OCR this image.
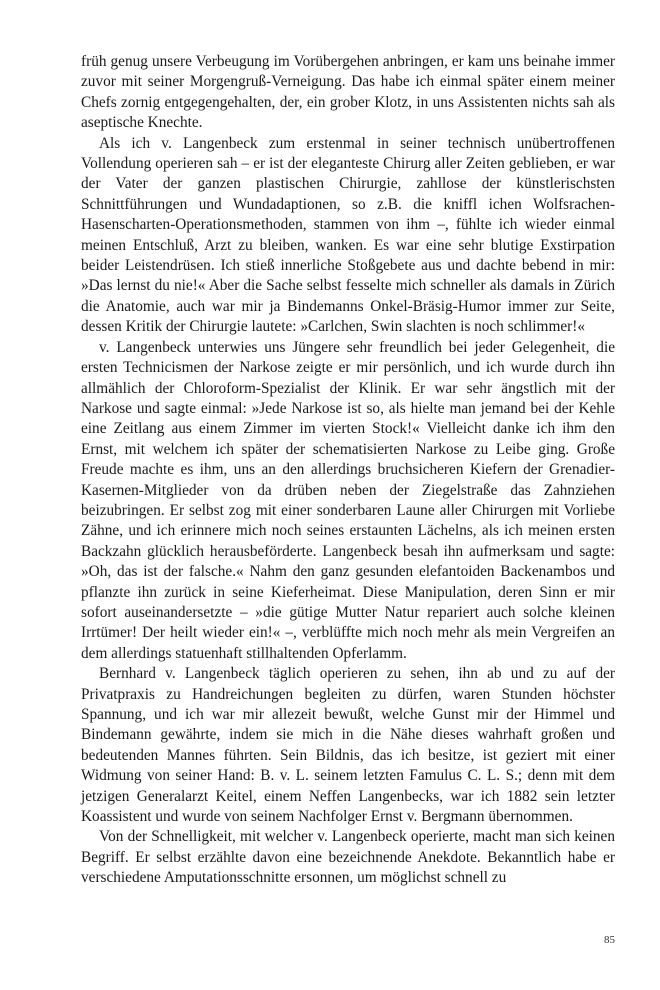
früh genug unsere Verbeugung im Vorübergehen anbringen, er kam uns beinahe immer zuvor mit seiner Morgengruß-Verneigung. Das habe ich einmal später einem meiner Chefs zornig entgegengehalten, der, ein grober Klotz, in uns Assistenten nichts sah als aseptische Knechte.

Als ich v. Langenbeck zum erstenmal in seiner technisch unübertroffenen Vollendung operieren sah – er ist der eleganteste Chirurg aller Zeiten geblieben, er war der Vater der ganzen plastischen Chirurgie, zahllose der künstlerischsten Schnittführungen und Wundadaptionen, so z.B. die kniffl ichen Wolfsrachen-Hasenscharten-Operationsmethoden, stammen von ihm –, fühlte ich wieder einmal meinen Entschluß, Arzt zu bleiben, wanken. Es war eine sehr blutige Exstirpation beider Leistendrüsen. Ich stieß innerliche Stoßgebete aus und dachte bebend in mir: »Das lernst du nie!« Aber die Sache selbst fesselte mich schneller als damals in Zürich die Anatomie, auch war mir ja Bindemanns Onkel-Bräsig-Humor immer zur Seite, dessen Kritik der Chirurgie lautete: »Carlchen, Swin slachten is noch schlimmer!«

v. Langenbeck unterwies uns Jüngere sehr freundlich bei jeder Gelegenheit, die ersten Technicismen der Narkose zeigte er mir persönlich, und ich wurde durch ihn allmählich der Chloroform-Spezialist der Klinik. Er war sehr ängstlich mit der Narkose und sagte einmal: »Jede Narkose ist so, als hielte man jemand bei der Kehle eine Zeitlang aus einem Zimmer im vierten Stock!« Vielleicht danke ich ihm den Ernst, mit welchem ich später der schematisierten Narkose zu Leibe ging. Große Freude machte es ihm, uns an den allerdings bruchsicheren Kiefern der Grenadier-Kasernen-Mitglieder von da drüben neben der Ziegelstraße das Zahnziehen beizubringen. Er selbst zog mit einer sonderbaren Laune aller Chirurgen mit Vorliebe Zähne, und ich erinnere mich noch seines erstaunten Lächelns, als ich meinen ersten Backzahn glücklich herausbeförderte. Langenbeck besah ihn aufmerksam und sagte: »Oh, das ist der falsche.« Nahm den ganz gesunden elefantoiden Backenambos und pflanzte ihn zurück in seine Kieferheimat. Diese Manipulation, deren Sinn er mir sofort auseinandersetzte – »die gütige Mutter Natur repariert auch solche kleinen Irrtümer! Der heilt wieder ein!« –, verblüffte mich noch mehr als mein Vergreifen an dem allerdings statuenhaft stillhaltenden Opferlamm.

Bernhard v. Langenbeck täglich operieren zu sehen, ihn ab und zu auf der Privatpraxis zu Handreichungen begleiten zu dürfen, waren Stunden höchster Spannung, und ich war mir allezeit bewußt, welche Gunst mir der Himmel und Bindemann gewährte, indem sie mich in die Nähe dieses wahrhaft großen und bedeutenden Mannes führten. Sein Bildnis, das ich besitze, ist geziert mit einer Widmung von seiner Hand: B. v. L. seinem letzten Famulus C. L. S.; denn mit dem jetzigen Generalarzt Keitel, einem Neffen Langenbecks, war ich 1882 sein letzter Koassistent und wurde von seinem Nachfolger Ernst v. Bergmann übernommen.

Von der Schnelligkeit, mit welcher v. Langenbeck operierte, macht man sich keinen Begriff. Er selbst erzählte davon eine bezeichnende Anekdote. Bekanntlich habe er verschiedene Amputationsschnitte ersonnen, um möglichst schnell zu

85
